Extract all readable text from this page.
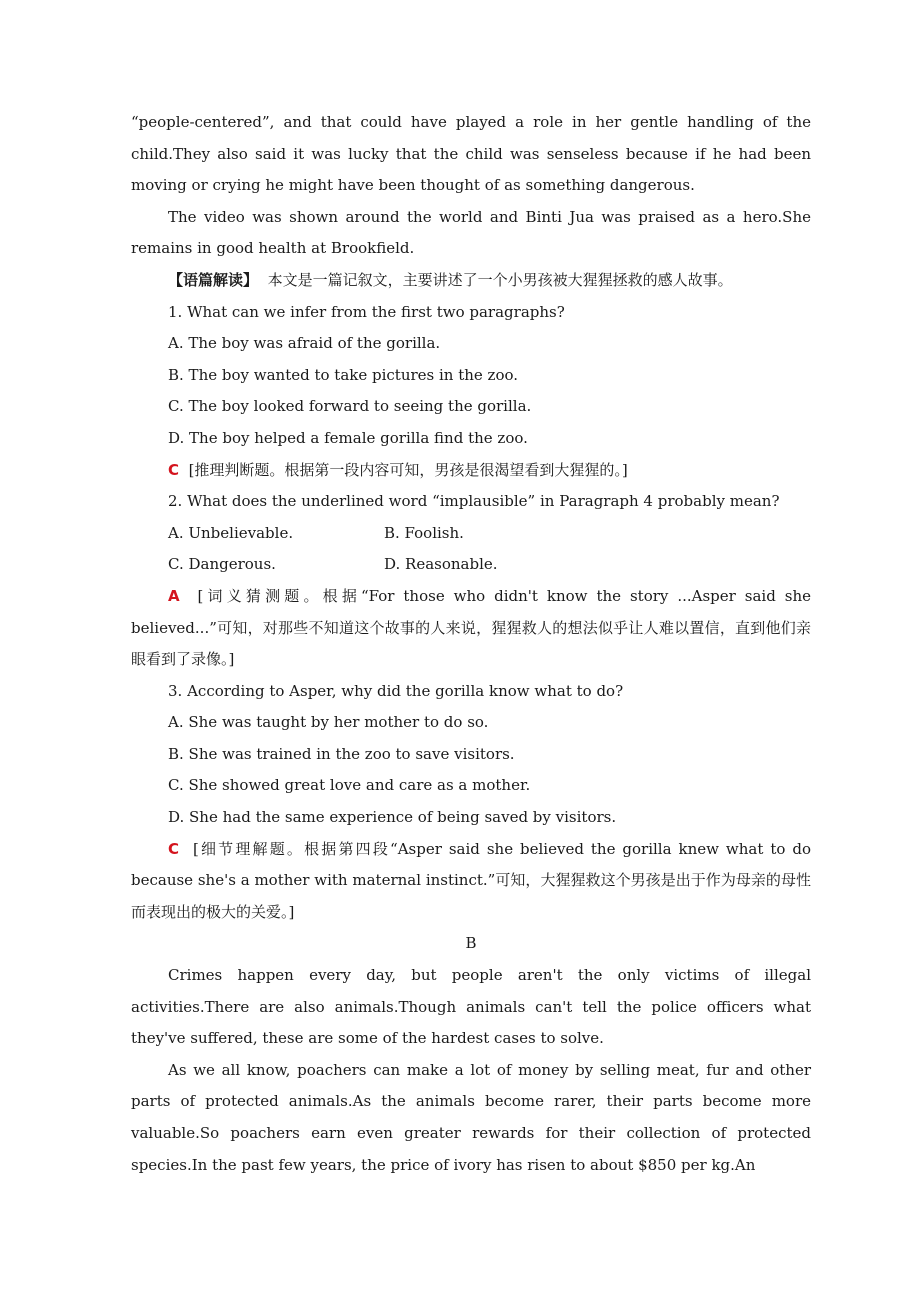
“people-centered”, and that could have played a role in her gentle handling of the child.They also said it was lucky that the child was senseless because if he had been moving or crying he might have been thought of as something dangerous.

The video was shown around the world and Binti Jua was praised as a hero.She remains in good health at Brookfield.

【语篇解读】 本文是一篇记叙文，主要讲述了一个小男孩被大猩猩拯救的感人故事。

1. What can we infer from the first two paragraphs?

A. The boy was afraid of the gorilla.

B. The boy wanted to take pictures in the zoo.

C. The boy looked forward to seeing the gorilla.

D. The boy helped a female gorilla find the zoo.

C [推理判断题。根据第一段内容可知，男孩是很渴望看到大猩猩的。]

2. What does the underlined word “implausible” in Paragraph 4 probably mean?

A. Unbelievable.	B. Foolish.
C. Dangerous.	D. Reasonable.

A [词义猜测题。根据“For those who didn't know the story ...Asper said she believed...”可知，对那些不知道这个故事的人来说，猩猩救人的想法似乎让人难以置信，直到他们亲眼看到了录像。]

3. According to Asper, why did the gorilla know what to do?

A. She was taught by her mother to do so.

B. She was trained in the zoo to save visitors.

C. She showed great love and care as a mother.

D. She had the same experience of being saved by visitors.

C [细节理解题。根据第四段“Asper said she believed the gorilla knew what to do because she's a mother with maternal instinct.”可知，大猩猩救这个男孩是出于作为母亲的母性而表现出的极大的关爱。]

B

Crimes happen every day, but people aren't the only victims of illegal activities.There are also animals.Though animals can't tell the police officers what they've suffered, these are some of the hardest cases to solve.

As we all know, poachers can make a lot of money by selling meat, fur and other parts of protected animals.As the animals become rarer, their parts become more valuable.So poachers earn even greater rewards for their collection of protected species.In the past few years, the price of ivory has risen to about $850 per kg.An
